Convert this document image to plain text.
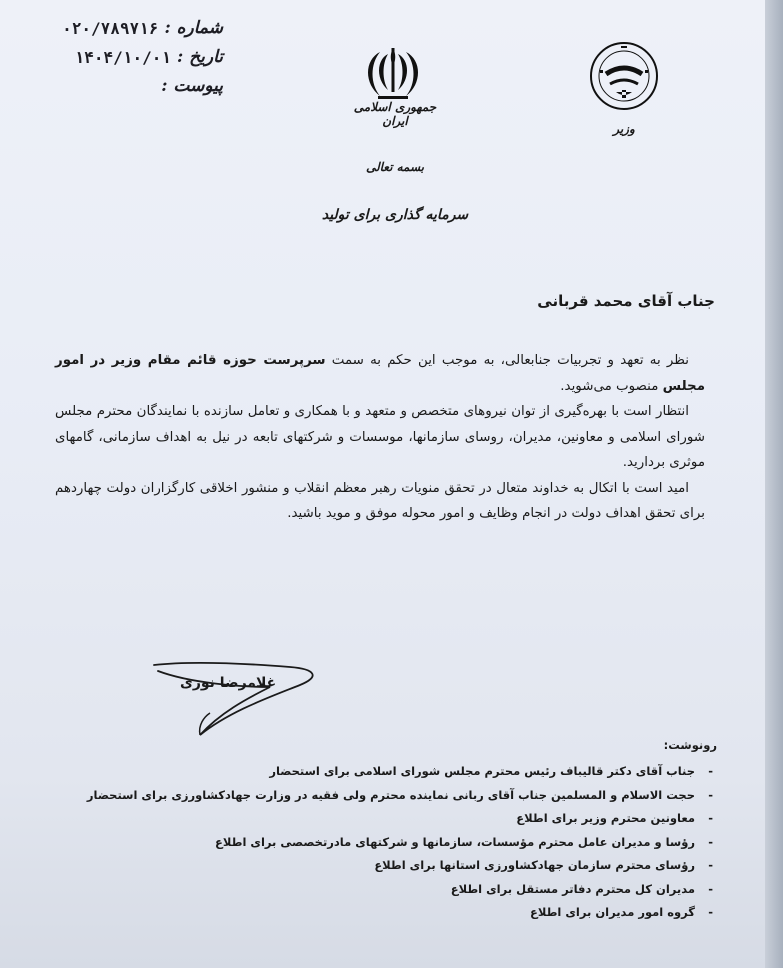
شماره :
۰۲۰/۷۸۹۷۱۶
تاریخ :
۱۴۰۴/۱۰/۰۱
پیوست :
جمهوری اسلامی ایران
وزیر
بسمه تعالی
سرمایه گذاری برای تولید
جناب آقای محمد قربانی

نظر به تعهد و تجربیات جنابعالی، به موجب این حکم به سمت سرپرست حوزه قائم مقام وزیر در امور مجلس منصوب می‌شوید.

انتظار است با بهره‌گیری از توان نیروهای متخصص و متعهد و با همکاری و تعامل سازنده با نمایندگان محترم مجلس شورای اسلامی و معاونین، مدیران، روسای سازمانها، موسسات و شرکتهای تابعه در نیل به اهداف سازمانی، گامهای موثری بردارید.

امید است با اتکال به خداوند متعال در تحقق منویات رهبر معظم انقلاب و منشور اخلاقی کارگزاران دولت چهاردهم برای تحقق اهداف دولت در انجام وظایف و امور محوله موفق و موید باشید.

غلامرضا نوری
رونوشت:
-جناب آقای دکتر قالیباف رئیس محترم مجلس شورای اسلامی برای استحضار
-حجت الاسلام و المسلمین جناب آقای ربانی نماینده محترم ولی فقیه در وزارت جهادکشاورزی برای استحضار
-معاونین محترم وزیر برای اطلاع
-رؤسا و مدیران عامل محترم مؤسسات، سازمانها و شرکتهای مادرتخصصی برای اطلاع
-رؤسای محترم سازمان جهادکشاورزی استانها برای اطلاع
-مدیران کل محترم دفاتر مستقل برای اطلاع
-گروه امور مدیران برای اطلاع
